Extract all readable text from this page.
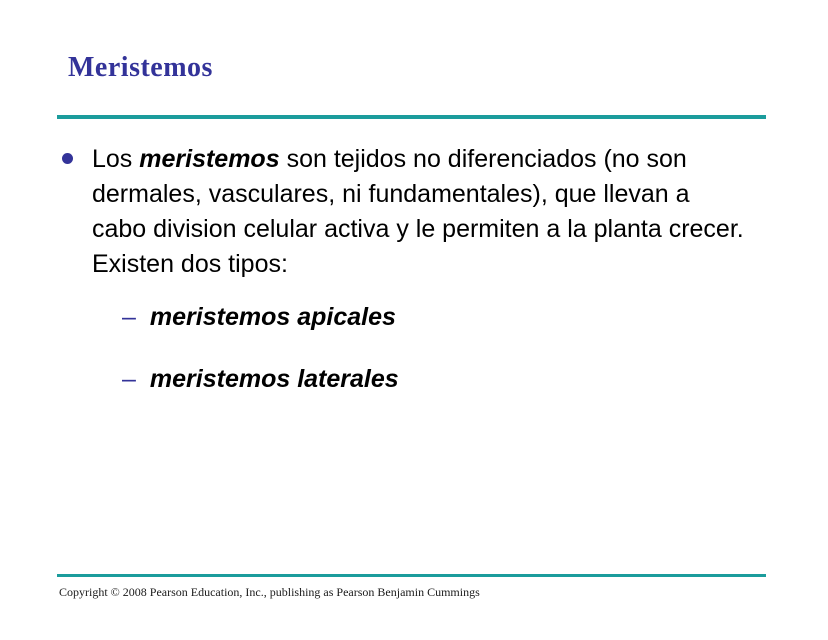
Meristemos

Los meristemos son tejidos no diferenciados (no son dermales, vasculares, ni fundamentales), que llevan a cabo division celular activa y le permiten a la planta crecer.  Existen dos tipos:

– meristemos apicales
– meristemos laterales
Copyright © 2008 Pearson Education, Inc., publishing as Pearson Benjamin Cummings
